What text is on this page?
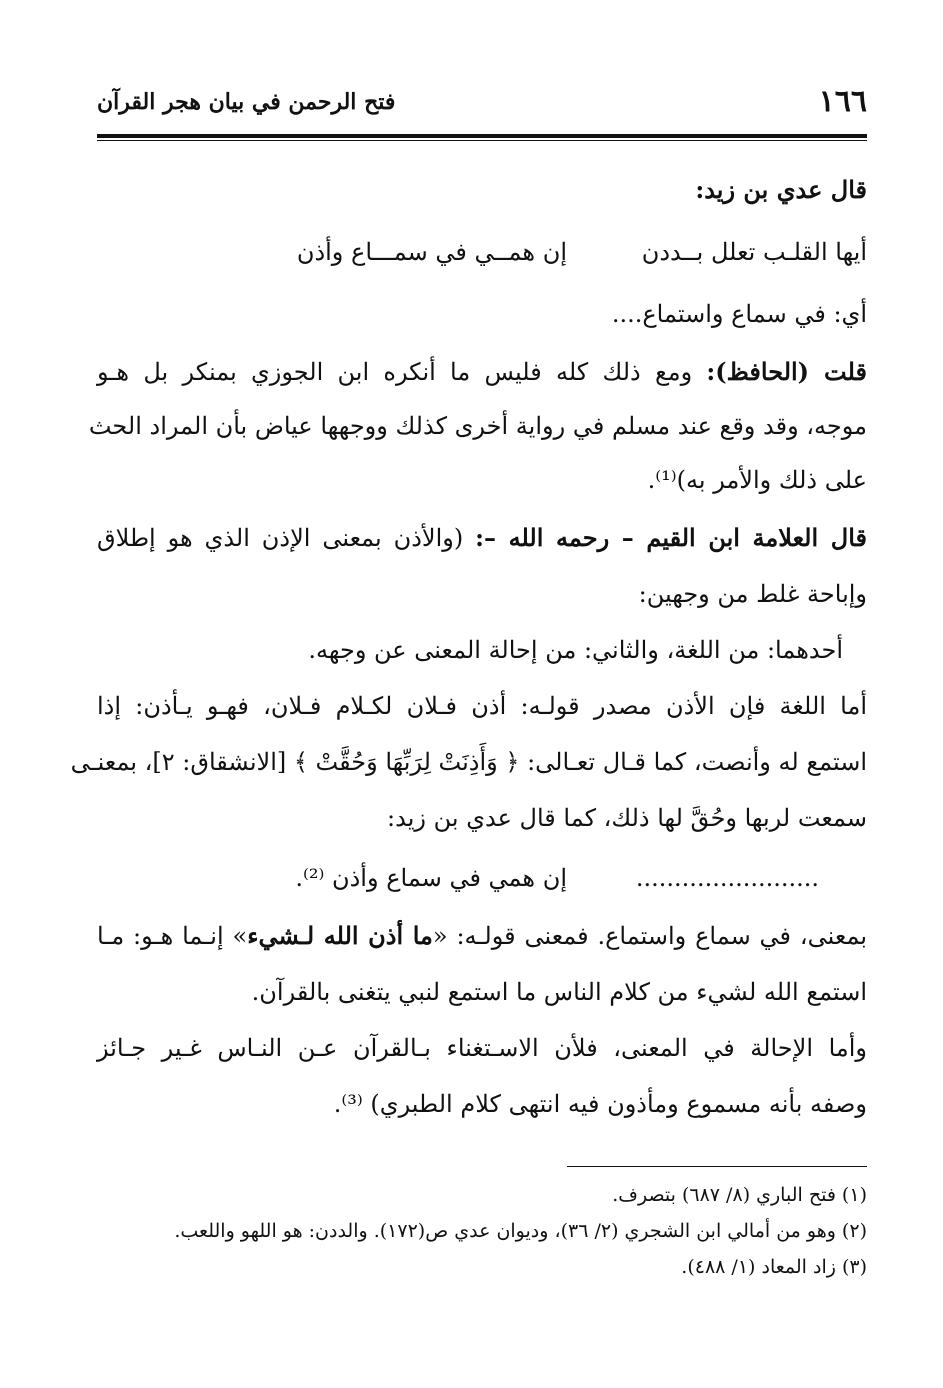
١٦٦
فتح الرحمن في بيان هجر القرآن
قال عدي بن زيد:
أيها القلـب تعلل بــددن
إن همــي في سمـــاع وأذن
أي: في سماع واستماع....
قلت (الحافظ): ومع ذلك كله فليس ما أنكره ابن الجوزي بمنكر بل هـو
موجه، وقد وقع عند مسلم في رواية أخرى كذلك ووجهها عياض بأن المراد الحث
على ذلك والأمر به)⁽¹⁾.
قال العلامة ابن القيم – رحمه الله –: (والأذن بمعنى الإذن الذي هو إطلاق
وإباحة غلط من وجهين:
أحدهما: من اللغة، والثاني: من إحالة المعنى عن وجهه.
أما اللغة فإن الأذن مصدر قولـه: أذن فـلان لكـلام فـلان، فهـو يـأذن: إذا
استمع له وأنصت، كما قـال تعـالى: ﴿ وَأَذِنَتْ لِرَبِّهَا وَحُقَّتْ ﴾ [الانشقاق: ٢]، بمعنـى
سمعت لربها وحُقَّ لها ذلك، كما قال عدي بن زيد:
........................
إن همي في سماع وأذن ⁽²⁾.
بمعنى، في سماع واستماع. فمعنى قولـه: «ما أذن الله لـشيء» إنـما هـو: مـا
استمع الله لشيء من كلام الناس ما استمع لنبي يتغنى بالقرآن.
وأما الإحالة في المعنى، فلأن الاسـتغناء بـالقرآن عـن النـاس غـير جـائز
وصفه بأنه مسموع ومأذون فيه انتهى كلام الطبري) ⁽³⁾.
(١) فتح الباري (٨/ ٦٨٧) بتصرف.
(٢) وهو من أمالي ابن الشجري (٢/ ٣٦)، وديوان عدي ص(١٧٢). والددن: هو اللهو واللعب.
(٣) زاد المعاد (١/ ٤٨٨).
